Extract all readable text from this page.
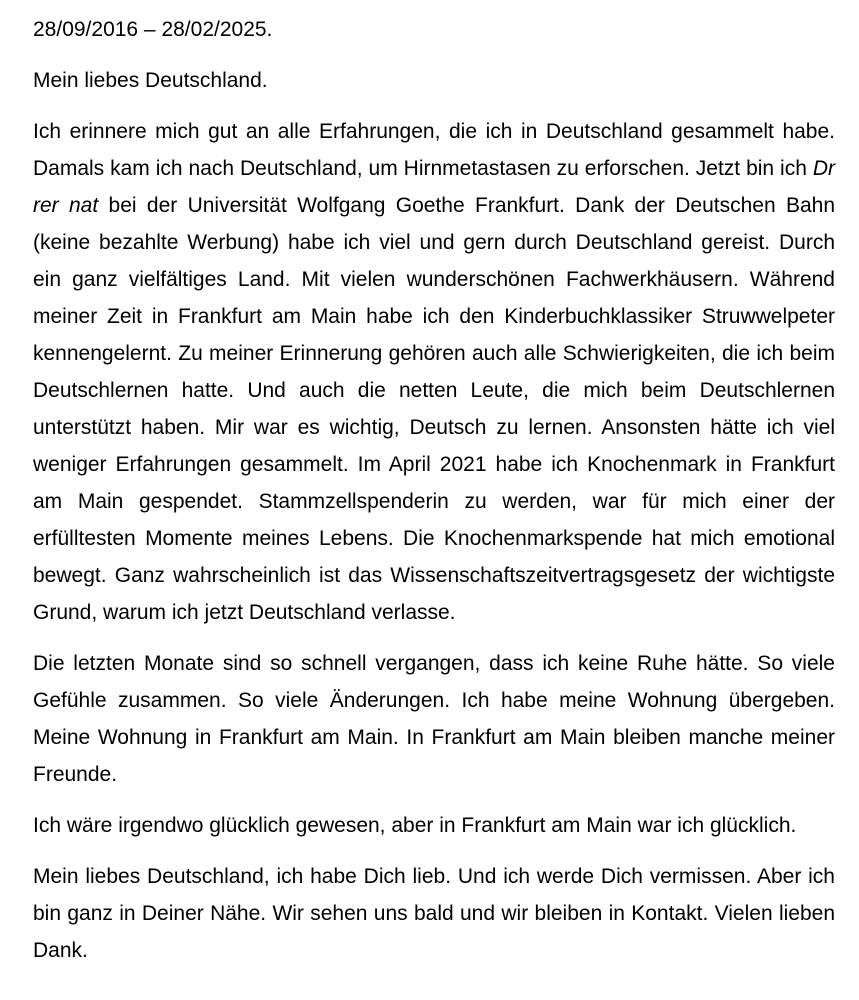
28/09/2016 – 28/02/2025.

Mein liebes Deutschland.

Ich erinnere mich gut an alle Erfahrungen, die ich in Deutschland gesammelt habe. Damals kam ich nach Deutschland, um Hirnmetastasen zu erforschen. Jetzt bin ich Dr rer nat bei der Universität Wolfgang Goethe Frankfurt. Dank der Deutschen Bahn (keine bezahlte Werbung) habe ich viel und gern durch Deutschland gereist. Durch ein ganz vielfältiges Land. Mit vielen wunderschönen Fachwerkhäusern. Während meiner Zeit in Frankfurt am Main habe ich den Kinderbuchklassiker Struwwelpeter kennengelernt. Zu meiner Erinnerung gehören auch alle Schwierigkeiten, die ich beim Deutschlernen hatte. Und auch die netten Leute, die mich beim Deutschlernen unterstützt haben. Mir war es wichtig, Deutsch zu lernen. Ansonsten hätte ich viel weniger Erfahrungen gesammelt. Im April 2021 habe ich Knochenmark in Frankfurt am Main gespendet. Stammzellspenderin zu werden, war für mich einer der erfülltesten Momente meines Lebens. Die Knochenmarkspende hat mich emotional bewegt. Ganz wahrscheinlich ist das Wissenschaftszeitvertragsgesetz der wichtigste Grund, warum ich jetzt Deutschland verlasse.

Die letzten Monate sind so schnell vergangen, dass ich keine Ruhe hätte. So viele Gefühle zusammen. So viele Änderungen. Ich habe meine Wohnung übergeben. Meine Wohnung in Frankfurt am Main. In Frankfurt am Main bleiben manche meiner Freunde.

Ich wäre irgendwo glücklich gewesen, aber in Frankfurt am Main war ich glücklich.

Mein liebes Deutschland, ich habe Dich lieb. Und ich werde Dich vermissen. Aber ich bin ganz in Deiner Nähe. Wir sehen uns bald und wir bleiben in Kontakt. Vielen lieben Dank.
